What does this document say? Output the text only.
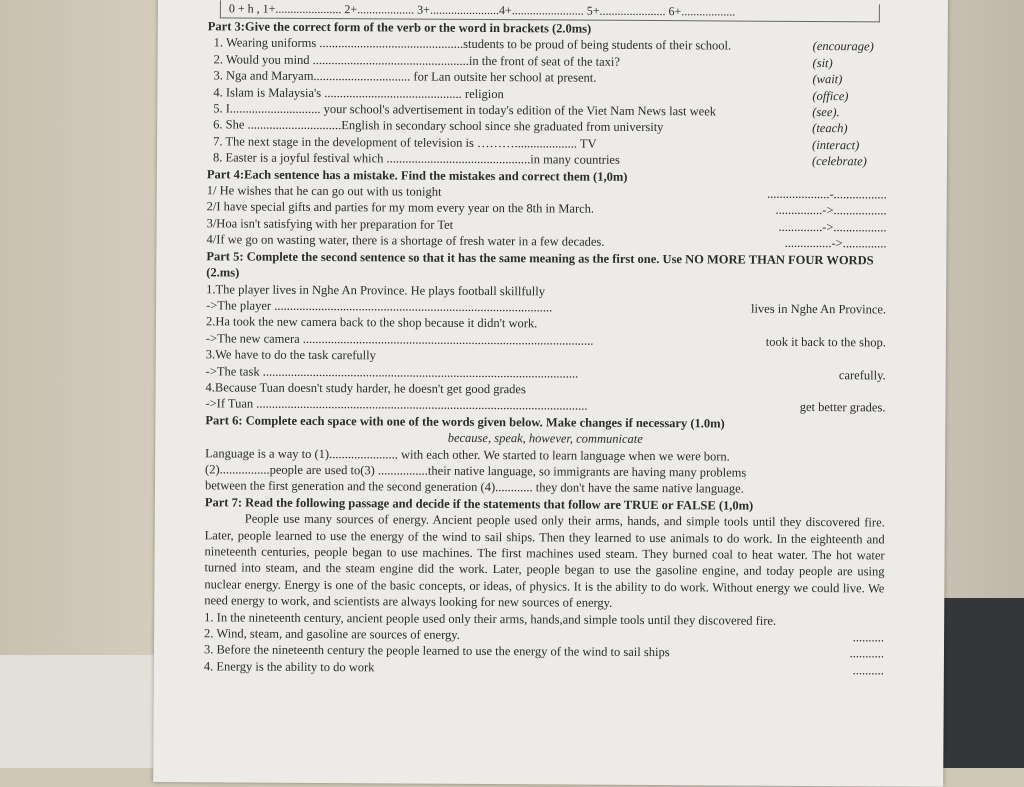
0 + h , 1+...................... 2+................... 3+.......................4+........................ 5+...................... 6+..................
Part 3:Give the correct form of the verb or the word in brackets (2.0ms)
1. Wearing uniforms ..............................................students to be proud of being students of their school.	(encourage)
2. Would you mind ..................................................in the front of seat of the taxi?	(sit)
3. Nga and Maryam............................... for Lan outsite her school at present.	(wait)
4. Islam is Malaysia's ............................................ religion	(office)
5. I............................. your school's advertisement in today's edition of the Viet Nam News last week	(see).
6. She ..............................English in secondary school since she graduated from university	(teach)
7. The next stage in the development of television is ……….................... TV	(interact)
8. Easter is a joyful festival which ..............................................in many countries	(celebrate)
Part 4:Each sentence has a mistake. Find the mistakes and correct them (1,0m)
1/ He wishes that he can go out with us tonight	....................-.................
2/I have special gifts and parties for my mom every year on the 8th in March.	...............->.................
3/Hoa isn't satisfying with her preparation for Tet	..............->.................
4/If we go on wasting water, there is a shortage of fresh water in a few decades.	...............->..............
Part 5: Complete the second sentence so that it has the same meaning as the first one. Use NO MORE THAN FOUR WORDS (2.ms)
1.The player lives in Nghe An Province. He plays football skillfully
->The player .........................................................................................	lives in Nghe An Province.
2.Ha took the new camera back to the shop because it didn't work.
->The new camera .............................................................................................	took it back to the shop.
3.We have to do the task carefully
->The task .....................................................................................................	carefully.
4.Because Tuan doesn't study harder, he doesn't get good grades
->If Tuan ..........................................................................................................	get better grades.
Part 6: Complete each space with one of the words given below. Make changes if necessary (1.0m)
because, speak, however, communicate
Language is a way to (1)...................... with each other. We started to learn language when we were born.
(2)................people are used to(3) ................their native language, so immigrants are having many problems
between the first generation and the second generation (4)............ they don't have the same native language.
Part 7: Read the following passage and decide if the statements that follow are TRUE or FALSE (1,0m)
People use many sources of energy. Ancient people used only their arms, hands, and simple tools until they discovered fire. Later, people learned to use the energy of the wind to sail ships. Then they learned to use animals to do work. In the eighteenth and nineteenth centuries, people began to use machines. The first machines used steam. They burned coal to heat water. The hot water turned into steam, and the steam engine did the work. Later, people began to use the gasoline engine, and today people are using nuclear energy. Energy is one of the basic concepts, or ideas, of physics. It is the ability to do work. Without energy we could live. We need energy to work, and scientists are always looking for new sources of energy.
1. In the nineteenth century, ancient people used only their arms, hands,and simple tools until they discovered fire.
2. Wind, steam, and gasoline are sources of energy.	..........
3. Before the nineteenth century the people learned to use the energy of the wind to sail ships	...........
4. Energy is the ability to do work	..........
